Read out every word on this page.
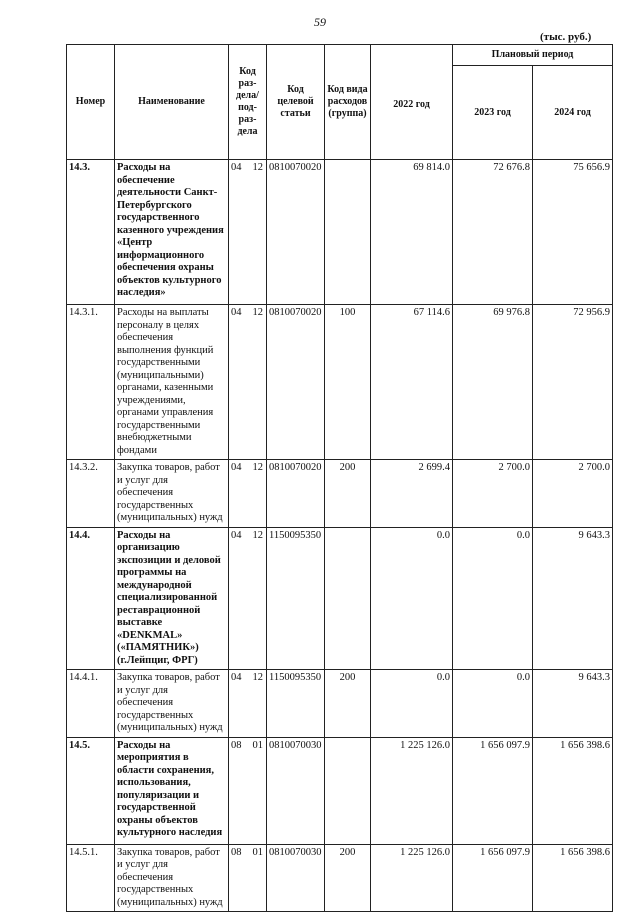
59
(тыс. руб.)
Номер	Наименование	Код раз-дела/ под-раз-дела	Код целевой статьи	Код вида расходов (группа)	2022 год	Плановый период	
						2023 год	2024 год
14.3.	Расходы на обеспечение деятельности Санкт-Петербургского государственного казенного учреждения «Центр информационного обеспечения охраны объектов культурного наследия»	04 12	0810070020		69 814.0	72 676.8	75 656.9
14.3.1.	Расходы на выплаты персоналу в целях обеспечения выполнения функций государственными (муниципальными) органами, казенными учреждениями, органами управления государственными внебюджетными фондами	04 12	0810070020	100	67 114.6	69 976.8	72 956.9
14.3.2.	Закупка товаров, работ и услуг для обеспечения государственных (муниципальных) нужд	04 12	0810070020	200	2 699.4	2 700.0	2 700.0
14.4.	Расходы на организацию экспозиции и деловой программы на международной специализированной реставрационной выставке «DENKMAL» («ПАМЯТНИК») (г.Лейпциг, ФРГ)	04 12	1150095350		0.0	0.0	9 643.3
14.4.1.	Закупка товаров, работ и услуг для обеспечения государственных (муниципальных) нужд	04 12	1150095350	200	0.0	0.0	9 643.3
14.5.	Расходы на мероприятия в области сохранения, использования, популяризации и государственной охраны объектов культурного наследия	08 01	0810070030		1 225 126.0	1 656 097.9	1 656 398.6
14.5.1.	Закупка товаров, работ и услуг для обеспечения государственных (муниципальных) нужд	08 01	0810070030	200	1 225 126.0	1 656 097.9	1 656 398.6
